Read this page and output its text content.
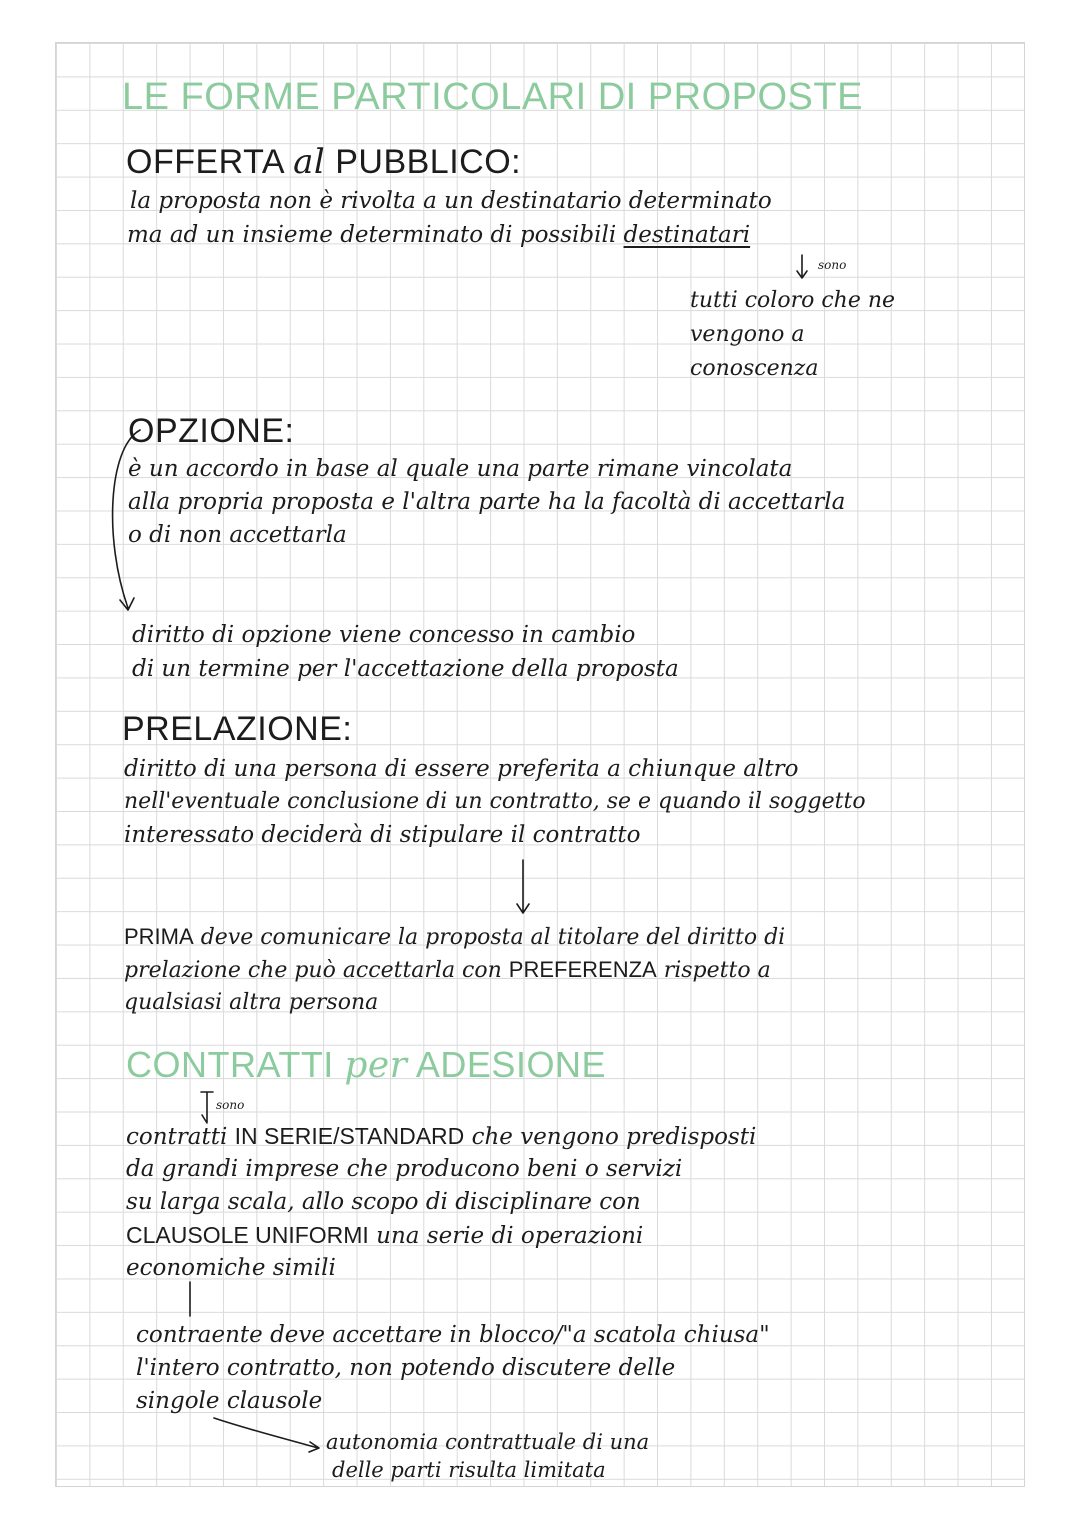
LE FORME PARTICOLARI DI PROPOSTE
OFFERTA al PUBBLICO:
la proposta non è rivolta a un destinatario determinato
ma ad un insieme determinato di possibili destinatari
sono
tutti coloro che ne
vengono a
conoscenza
OPZIONE:
è un accordo in base al quale una parte rimane vincolata
alla propria proposta e l'altra parte ha la facoltà di accettarla
o di non accettarla
diritto di opzione viene concesso in cambio
di un termine per l'accettazione della proposta
PRELAZIONE:
diritto di una persona di essere preferita a chiunque altro
nell'eventuale conclusione di un contratto, se e quando il soggetto
interessato deciderà di stipulare il contratto
PRIMA deve comunicare la proposta al titolare del diritto di
prelazione che può accettarla con PREFERENZA rispetto a
qualsiasi altra persona
CONTRATTI per ADESIONE
sono
contratti IN SERIE/STANDARD che vengono predisposti
da grandi imprese che producono beni o servizi
su larga scala, allo scopo di disciplinare con
CLAUSOLE UNIFORMI una serie di operazioni
economiche simili
contraente deve accettare in blocco/"a scatola chiusa"
l'intero contratto, non potendo discutere delle
singole clausole
autonomia contrattuale di una
delle parti risulta limitata
